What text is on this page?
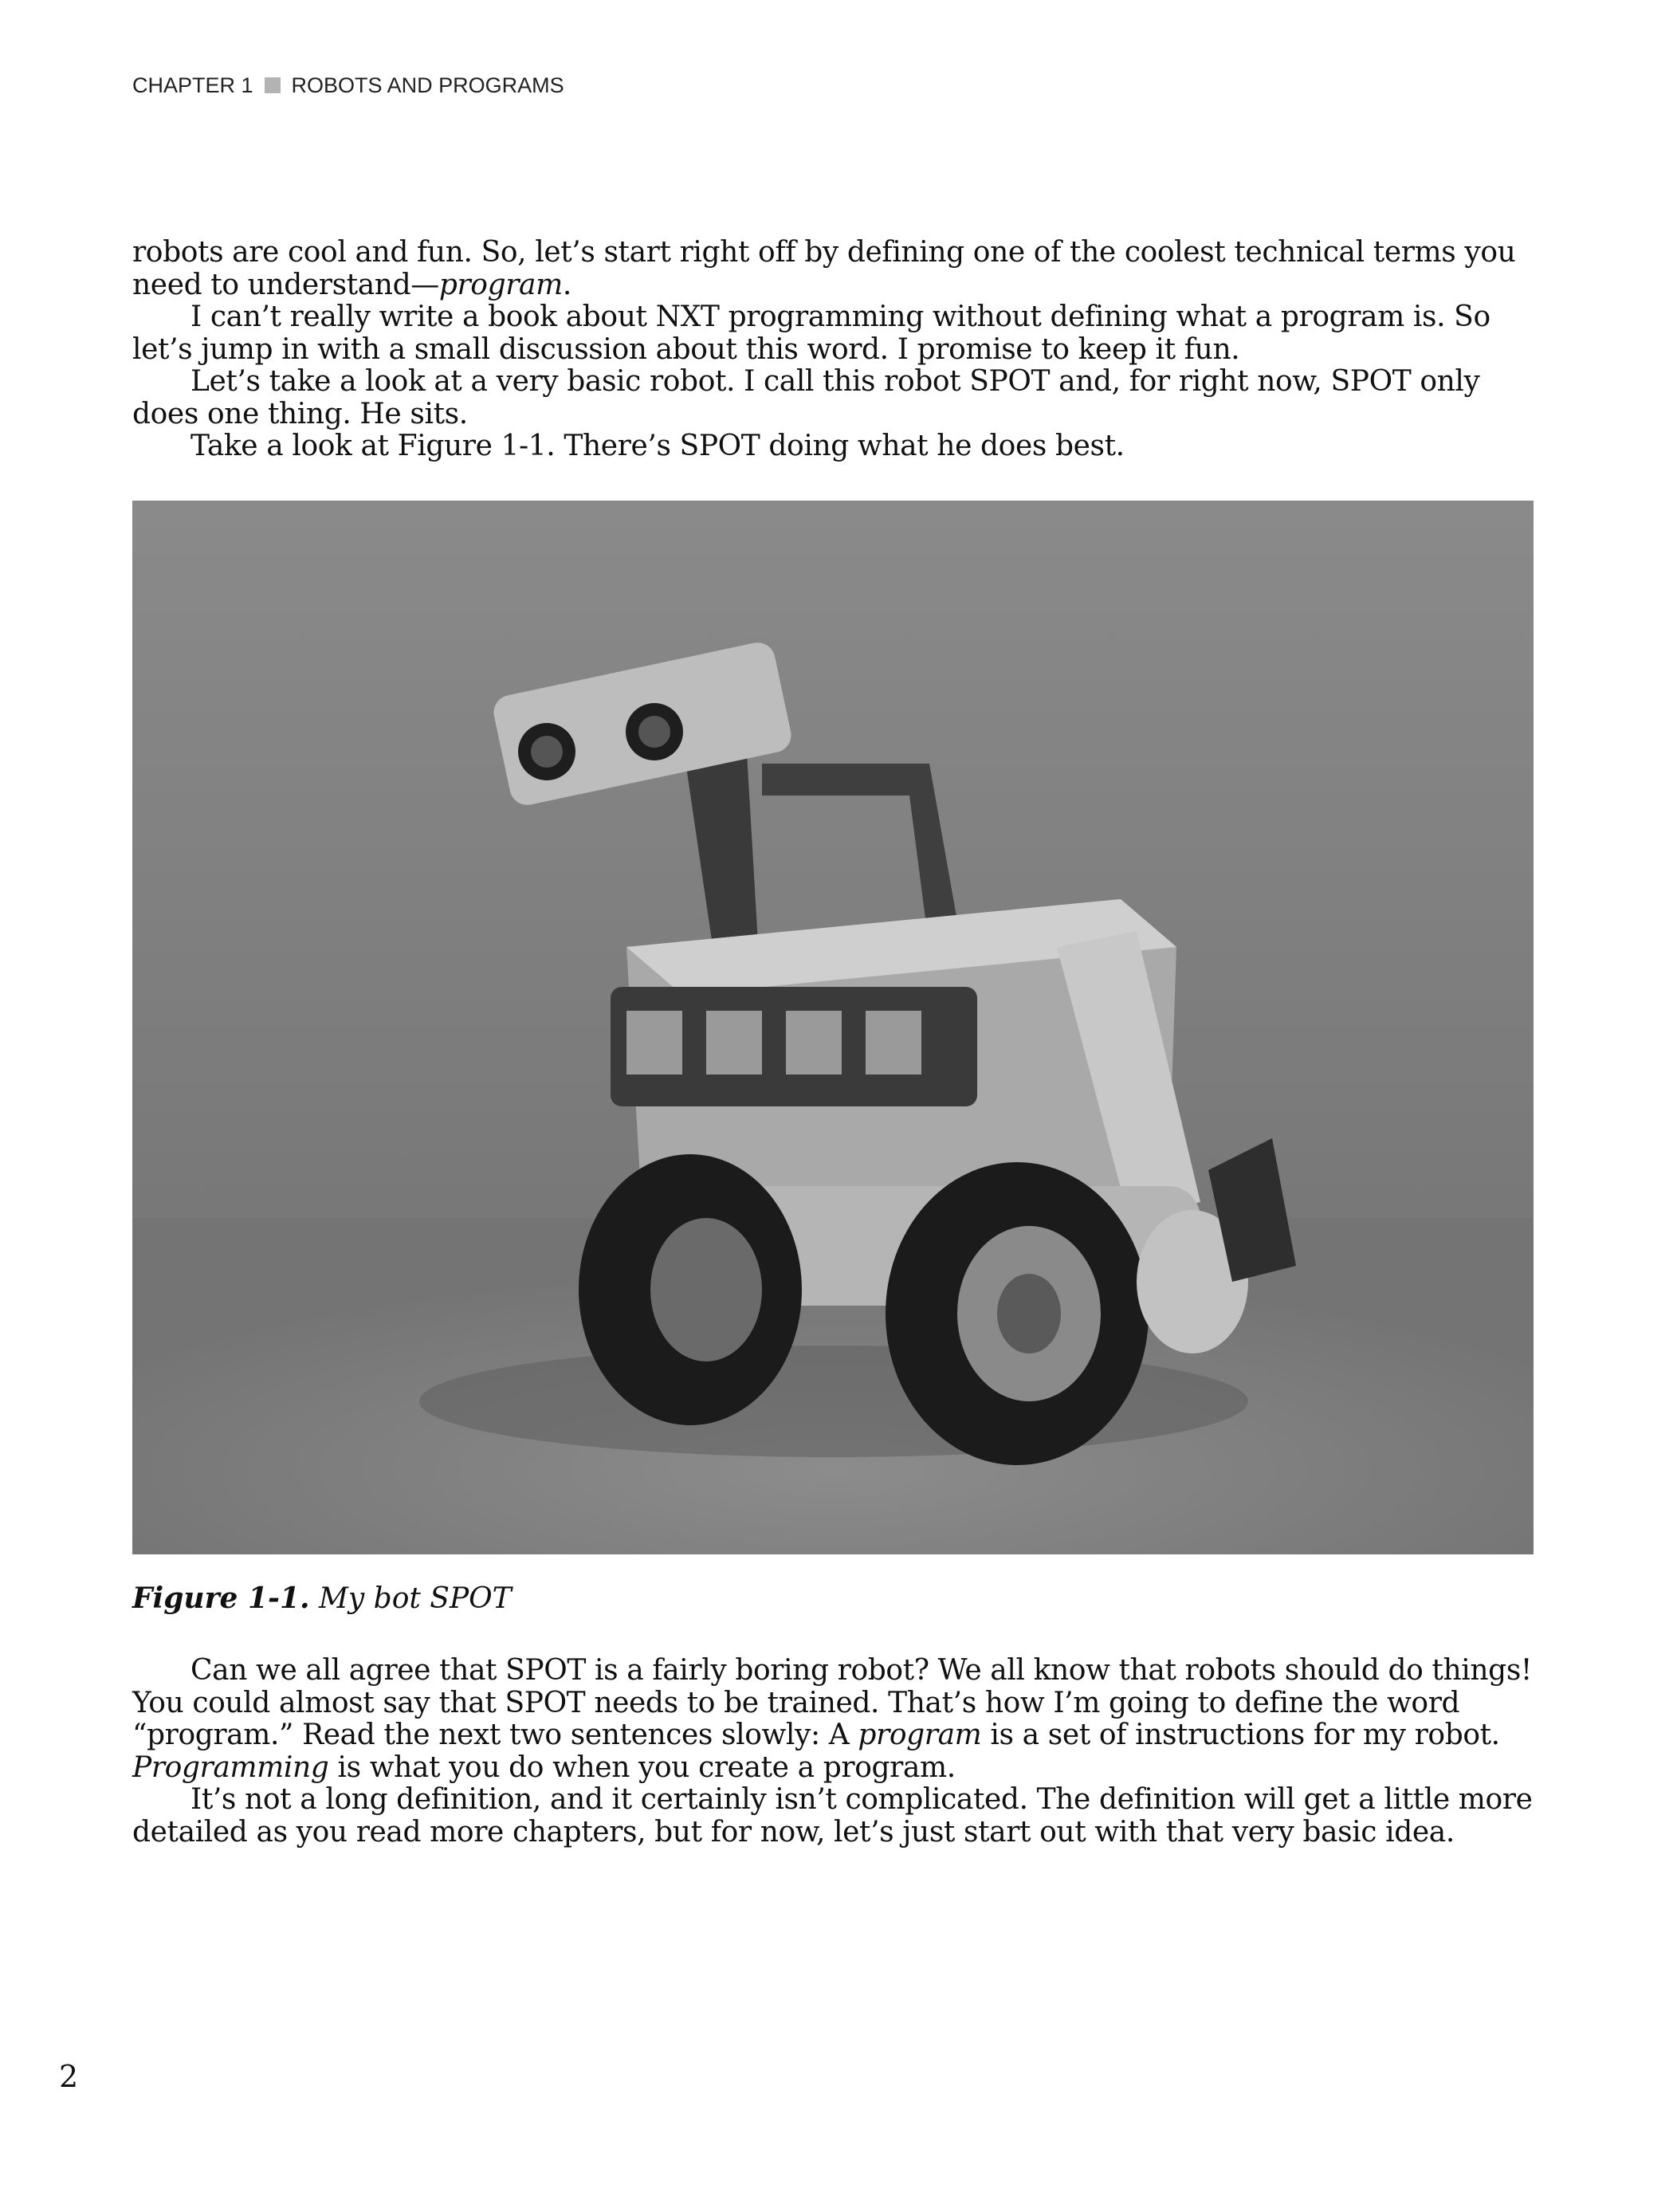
CHAPTER 1 ROBOTS AND PROGRAMS

robots are cool and fun. So, let’s start right off by defining one of the coolest technical terms you need to understand—program.

I can’t really write a book about NXT programming without defining what a program is. So let’s jump in with a small discussion about this word. I promise to keep it fun.

Let’s take a look at a very basic robot. I call this robot SPOT and, for right now, SPOT only does one thing. He sits.

Take a look at Figure 1-1. There’s SPOT doing what he does best.

Figure 1-1. My bot SPOT

Can we all agree that SPOT is a fairly boring robot? We all know that robots should do things! You could almost say that SPOT needs to be trained. That’s how I’m going to define the word “program.” Read the next two sentences slowly: A program is a set of instructions for my robot. Programming is what you do when you create a program.

It’s not a long definition, and it certainly isn’t complicated. The definition will get a little more detailed as you read more chapters, but for now, let’s just start out with that very basic idea.

2
